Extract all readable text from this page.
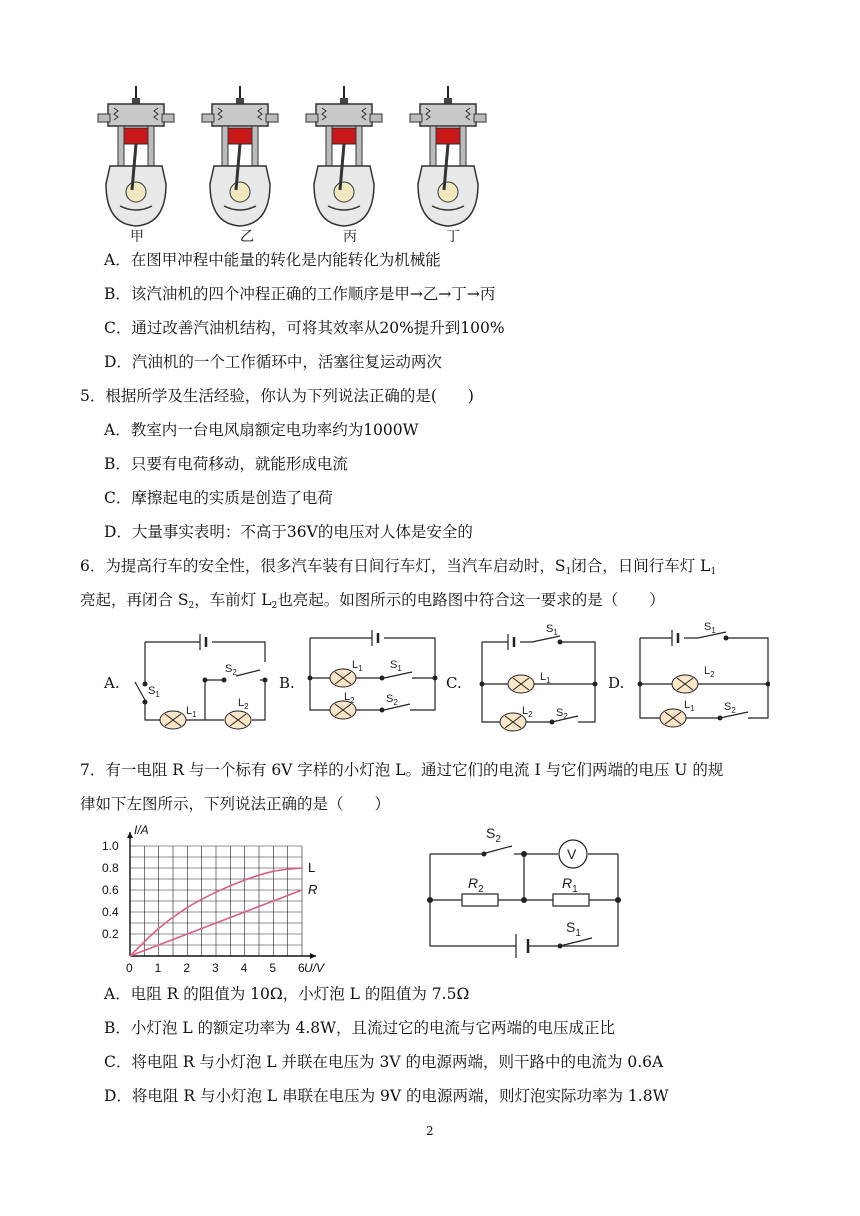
甲	乙	丙	丁
A．在图甲冲程中能量的转化是内能转化为机械能
B．该汽油机的四个冲程正确的工作顺序是甲→乙→丁→丙
C．通过改善汽油机结构，可将其效率从20%提升到100%
D．汽油机的一个工作循环中，活塞往复运动两次
5．根据所学及生活经验，你认为下列说法正确的是(　　)
A．教室内一台电风扇额定电功率约为1000W
B．只要有电荷移动，就能形成电流
C．摩擦起电的实质是创造了电荷
D．大量事实表明：不高于36V的电压对人体是安全的
6．为提高行车的安全性，很多汽车装有日间行车灯，当汽车启动时，$S_1$闭合，日间行车灯 $L_1$
亮起，再闭合 $S_2$，车前灯 $L_2$也亮起。如图所示的电路图中符合这一要求的是（　　）
A.	B.	C.	D.
$S_2$
$S_1$
$L_1$
$L_2$
$L_1$ $S_1$
$L_2$	$S_2$
$S_1$
$L_1$
$L_2$ $S_2$
$S_1$
$L_2$
$L_1$	$S_2$
7．有一电阻 R 与一个标有 6V 字样的小灯泡 L。通过它们的电流 I 与它们两端的电压 U 的规
律如下左图所示，下列说法正确的是（　　）
0 1 2 3 4 5 6
0.2
0.4
0.6
0.8
1.0
I/A
U/V
L
R
$S_2$
$R_2$	$R_1$
$S_1$
V
A．电阻 R 的阻值为 10Ω，小灯泡 L 的阻值为 7.5Ω
B．小灯泡 L 的额定功率为 4.8W，且流过它的电流与它两端的电压成正比
C．将电阻 R 与小灯泡 L 并联在电压为 3V 的电源两端，则干路中的电流为 0.6A
D．将电阻 R 与小灯泡 L 串联在电压为 9V 的电源两端，则灯泡实际功率为 1.8W
2
